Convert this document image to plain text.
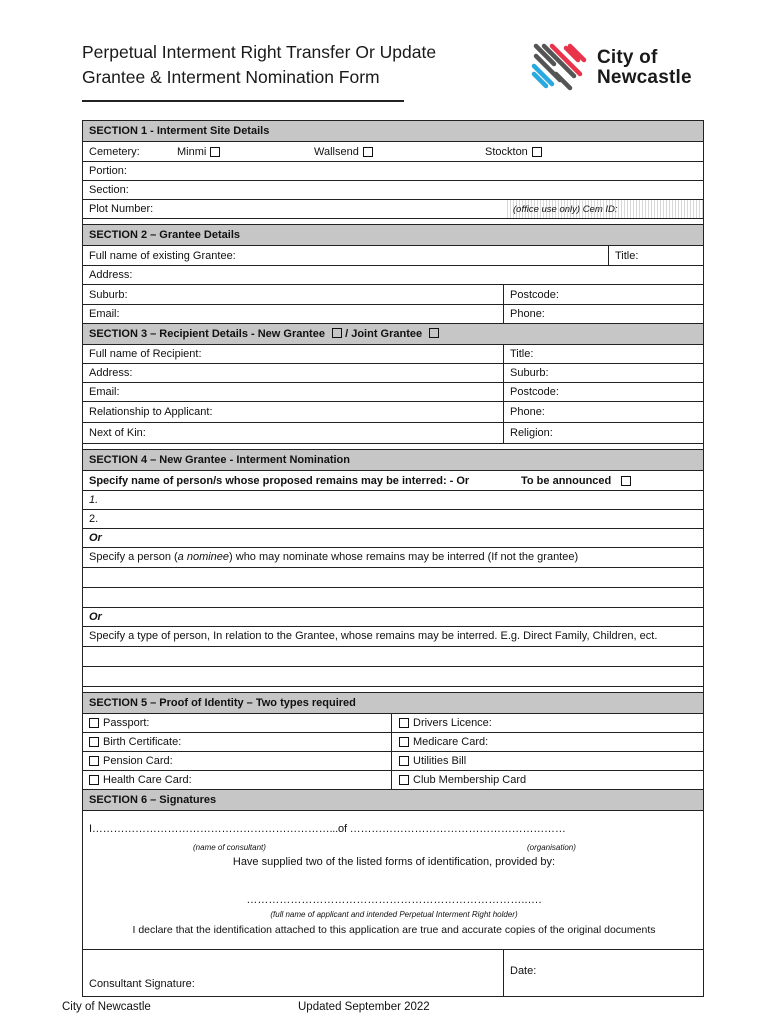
Perpetual Interment Right Transfer Or Update
Grantee & Interment Nomination Form
City of
Newcastle
SECTION 1 - Interment Site Details
Cemetery:	Minmi	Wallsend	Stockton
Portion:
Section:
Plot Number:	(office use only) Cem ID:
SECTION 2 – Grantee Details
Full name of existing Grantee:	Title:
Address:
Suburb:	Postcode:
Email:	Phone:
SECTION 3 – Recipient Details - New Grantee / Joint Grantee
Full name of Recipient:	Title:
Address:	Suburb:
Email:	Postcode:
Relationship to Applicant:	Phone:
Next of Kin:	Religion:
SECTION 4 – New Grantee - Interment Nomination
Specify name of person/s whose proposed remains may be interred: - Or	To be announced
1.
2.
Or
Specify a person (a nominee) who may nominate whose remains may be interred (If not the grantee)
Or
Specify a type of person, In relation to the Grantee, whose remains may be interred. E.g. Direct Family, Children, ect.
SECTION 5 – Proof of Identity – Two types required
Passport:	Drivers Licence:
Birth Certificate:	Medicare Card:
Pension Card:	Utilities Bill
Health Care Card:	Club Membership Card
SECTION 6 – Signatures
I…………………………………………………………...of ……………………………………………………
(name of consultant)	(organisation)
Have supplied two of the listed forms of identification, provided by:
…………………………………………………………………..….
(full name of applicant and intended Perpetual Interment Right holder)
I declare that the identification attached to this application are true and accurate copies of the original documents
Consultant Signature:
Date:
City of Newcastle	Updated September 2022
